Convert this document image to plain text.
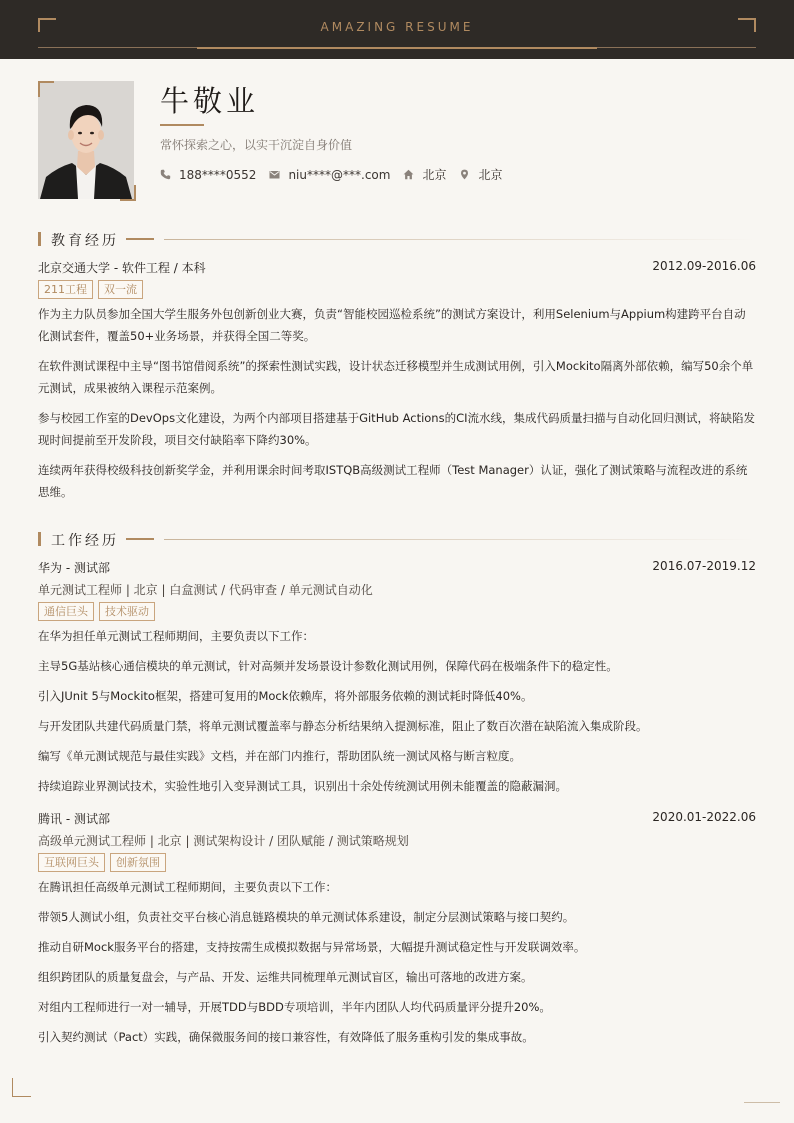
AMAZING RESUME
牛敬业
常怀探索之心，以实干沉淀自身价值
188****0552	niu****@***.com	北京	北京
教育经历
北京交通大学 - 软件工程 / 本科	2012.09-2016.06
211工程	双一流
作为主力队员参加全国大学生服务外包创新创业大赛，负责“智能校园巡检系统”的测试方案设计，利用Selenium与Appium构建跨平台自动化测试套件，覆盖50+业务场景，并获得全国二等奖。
在软件测试课程中主导“图书馆借阅系统”的探索性测试实践，设计状态迁移模型并生成测试用例，引入Mockito隔离外部依赖，编写50余个单元测试，成果被纳入课程示范案例。
参与校园工作室的DevOps文化建设，为两个内部项目搭建基于GitHub Actions的CI流水线，集成代码质量扫描与自动化回归测试，将缺陷发现时间提前至开发阶段，项目交付缺陷率下降约30%。
连续两年获得校级科技创新奖学金，并利用课余时间考取ISTQB高级测试工程师（Test Manager）认证，强化了测试策略与流程改进的系统思维。
工作经历
华为 - 测试部	2016.07-2019.12
单元测试工程师 | 北京 | 白盒测试 / 代码审查 / 单元测试自动化
通信巨头	技术驱动
在华为担任单元测试工程师期间，主要负责以下工作：
主导5G基站核心通信模块的单元测试，针对高频并发场景设计参数化测试用例，保障代码在极端条件下的稳定性。
引入JUnit 5与Mockito框架，搭建可复用的Mock依赖库，将外部服务依赖的测试耗时降低40%。
与开发团队共建代码质量门禁，将单元测试覆盖率与静态分析结果纳入提测标准，阻止了数百次潜在缺陷流入集成阶段。
编写《单元测试规范与最佳实践》文档，并在部门内推行，帮助团队统一测试风格与断言粒度。
持续追踪业界测试技术，实验性地引入变异测试工具，识别出十余处传统测试用例未能覆盖的隐蔽漏洞。
腾讯 - 测试部	2020.01-2022.06
高级单元测试工程师 | 北京 | 测试架构设计 / 团队赋能 / 测试策略规划
互联网巨头	创新氛围
在腾讯担任高级单元测试工程师期间，主要负责以下工作：
带领5人测试小组，负责社交平台核心消息链路模块的单元测试体系建设，制定分层测试策略与接口契约。
推动自研Mock服务平台的搭建，支持按需生成模拟数据与异常场景，大幅提升测试稳定性与开发联调效率。
组织跨团队的质量复盘会，与产品、开发、运维共同梳理单元测试盲区，输出可落地的改进方案。
对组内工程师进行一对一辅导，开展TDD与BDD专项培训，半年内团队人均代码质量评分提升20%。
引入契约测试（Pact）实践，确保微服务间的接口兼容性，有效降低了服务重构引发的集成事故。
